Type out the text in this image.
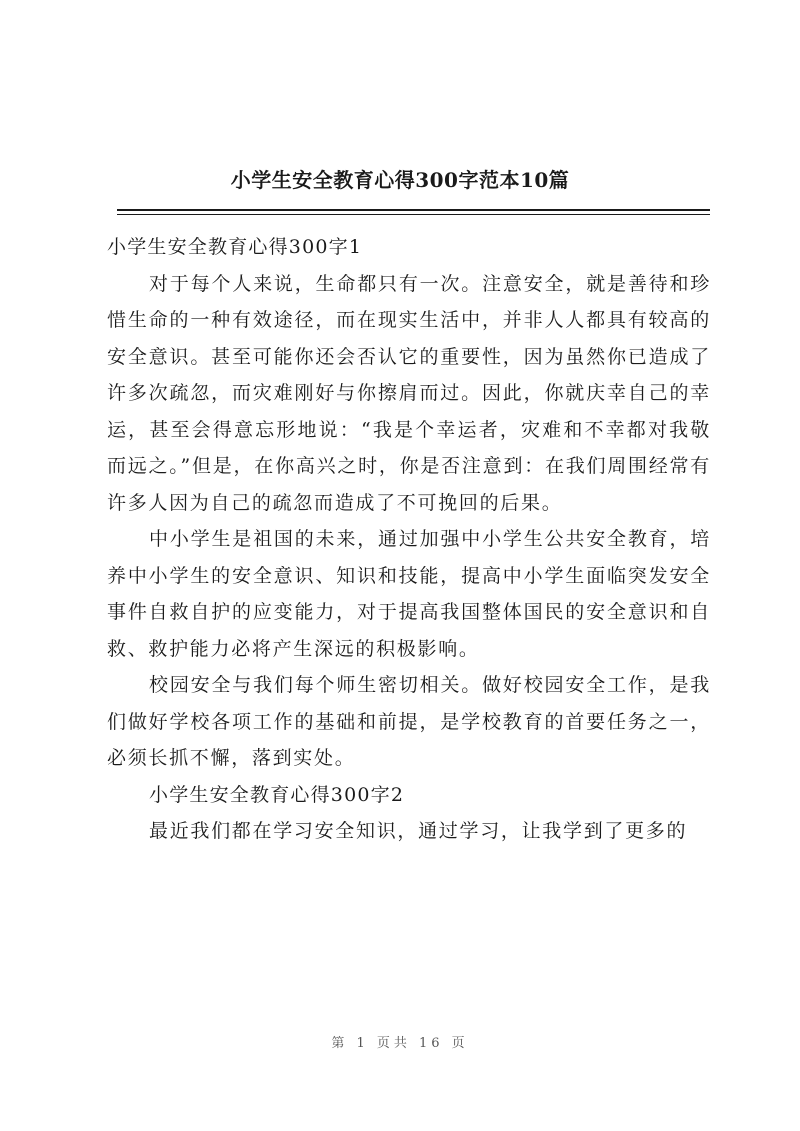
小学生安全教育心得300字范本10篇

小学生安全教育心得300字1

对于每个人来说，生命都只有一次。注意安全，就是善待和珍惜生命的一种有效途径，而在现实生活中，并非人人都具有较高的安全意识。甚至可能你还会否认它的重要性，因为虽然你已造成了许多次疏忽，而灾难刚好与你擦肩而过。因此，你就庆幸自己的幸运，甚至会得意忘形地说：“我是个幸运者，灾难和不幸都对我敬而远之。”但是，在你高兴之时，你是否注意到：在我们周围经常有许多人因为自己的疏忽而造成了不可挽回的后果。

中小学生是祖国的未来，通过加强中小学生公共安全教育，培养中小学生的安全意识、知识和技能，提高中小学生面临突发安全事件自救自护的应变能力，对于提高我国整体国民的安全意识和自救、救护能力必将产生深远的积极影响。

校园安全与我们每个师生密切相关。做好校园安全工作，是我们做好学校各项工作的基础和前提，是学校教育的首要任务之一，必须长抓不懈，落到实处。

小学生安全教育心得300字2

最近我们都在学习安全知识，通过学习，让我学到了更多的

第 1 页共 16 页
